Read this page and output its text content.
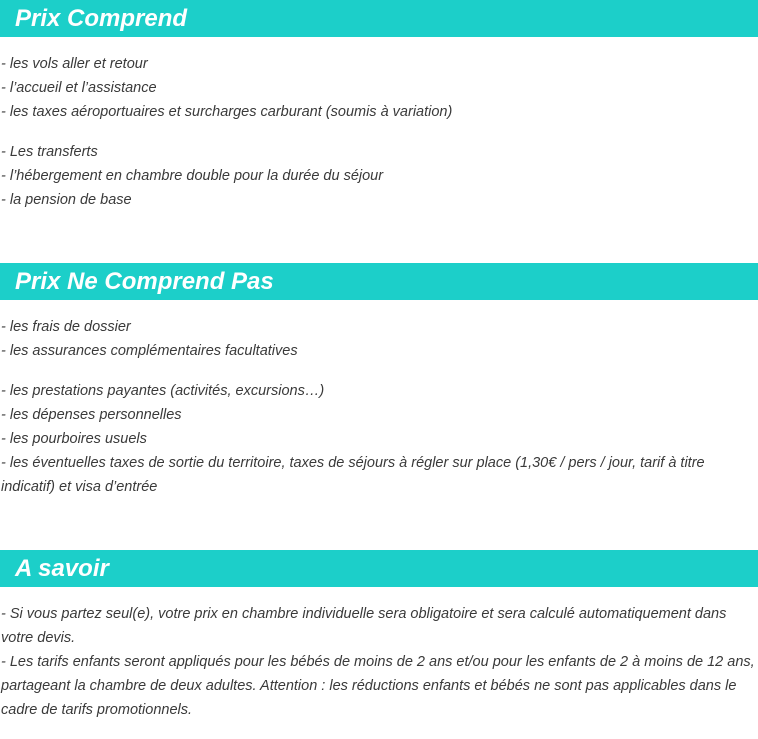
Prix Comprend
- les vols aller et retour
- l’accueil et l’assistance
- les taxes aéroportuaires et surcharges carburant (soumis à variation)
- Les transferts
- l’hébergement en chambre double pour la durée du séjour
- la pension de base
Prix Ne Comprend Pas
- les frais de dossier
- les assurances complémentaires facultatives
- les prestations payantes (activités, excursions…)
- les dépenses personnelles
- les pourboires usuels
- les éventuelles taxes de sortie du territoire, taxes de séjours à régler sur place (1,30€ / pers / jour, tarif à titre indicatif) et visa d’entrée
A savoir
- Si vous partez seul(e), votre prix en chambre individuelle sera obligatoire et sera calculé automatiquement dans votre devis.
- Les tarifs enfants seront appliqués pour les bébés de moins de 2 ans et/ou pour les enfants de 2 à moins de 12 ans, partageant la chambre de deux adultes. Attention : les réductions enfants et bébés ne sont pas applicables dans le cadre de tarifs promotionnels.
